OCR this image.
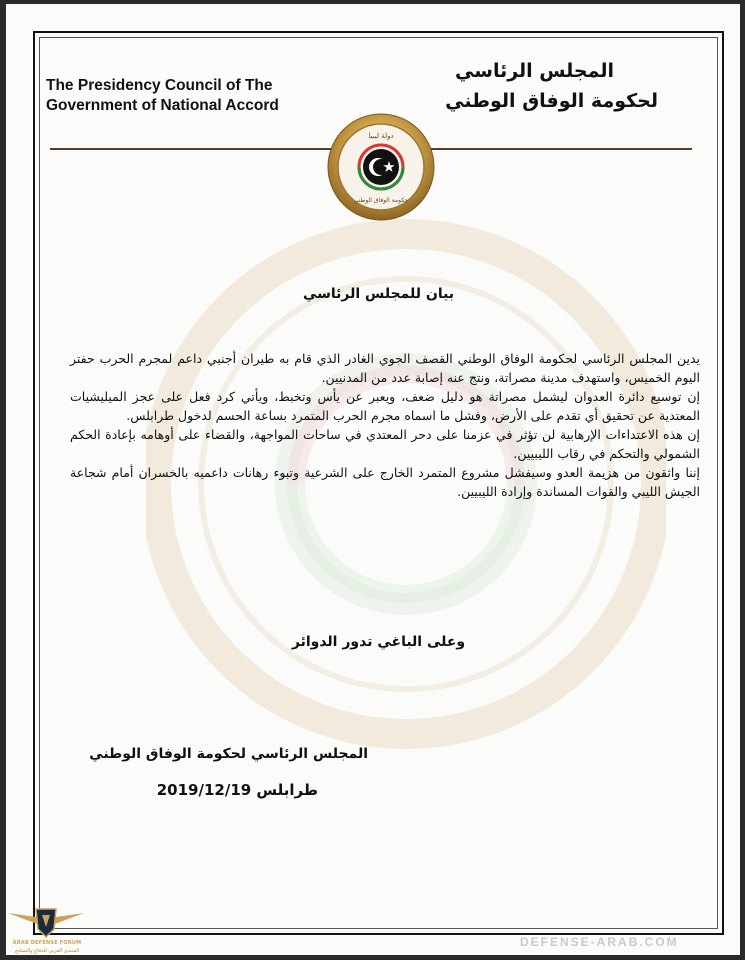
The Presidency Council of The
Government of National Accord
المجلس الرئاسي
لحكومة الوفاق الوطني
دولة ليبيا
حكومة الوفاق الوطني
بيان للمجلس الرئاسي

يدين المجلس الرئاسي لحكومة الوفاق الوطني القصف الجوي الغادر الذي قام به طيران أجنبي داعم لمجرم الحرب حفتر اليوم الخميس، واستهدف مدينة مصراتة، ونتج عنه إصابة عدد من المدنيين.

إن توسيع دائرة العدوان ليشمل مصراتة هو دليل ضعف، ويعبر عن يأس وتخبط، ويأتي كرد فعل على عجز الميليشيات المعتدية عن تحقيق أي تقدم على الأرض، وفشل ما اسماه مجرم الحرب المتمرد بساعة الحسم لدخول طرابلس.

إن هذه الاعتداءات الإرهابية لن تؤثر في عزمنا على دحر المعتدي في ساحات المواجهة، والقضاء على أوهامه بإعادة الحكم الشمولي والتحكم في رقاب الليبيين.

إننا واثقون من هزيمة العدو وسيفشل مشروع المتمرد الخارج على الشرعية وتبوء رهانات داعميه بالخسران أمام شجاعة الجيش الليبي والقوات المساندة وإرادة الليبيين.

وعلى الباغي تدور الدوائر
المجلس الرئاسي لحكومة الوفاق الوطني
طرابلس 2019/12/19
ARAB DEFENSE FORUM
المنتدى العربي للدفاع والتسليح
DEFENSE-ARAB.COM
